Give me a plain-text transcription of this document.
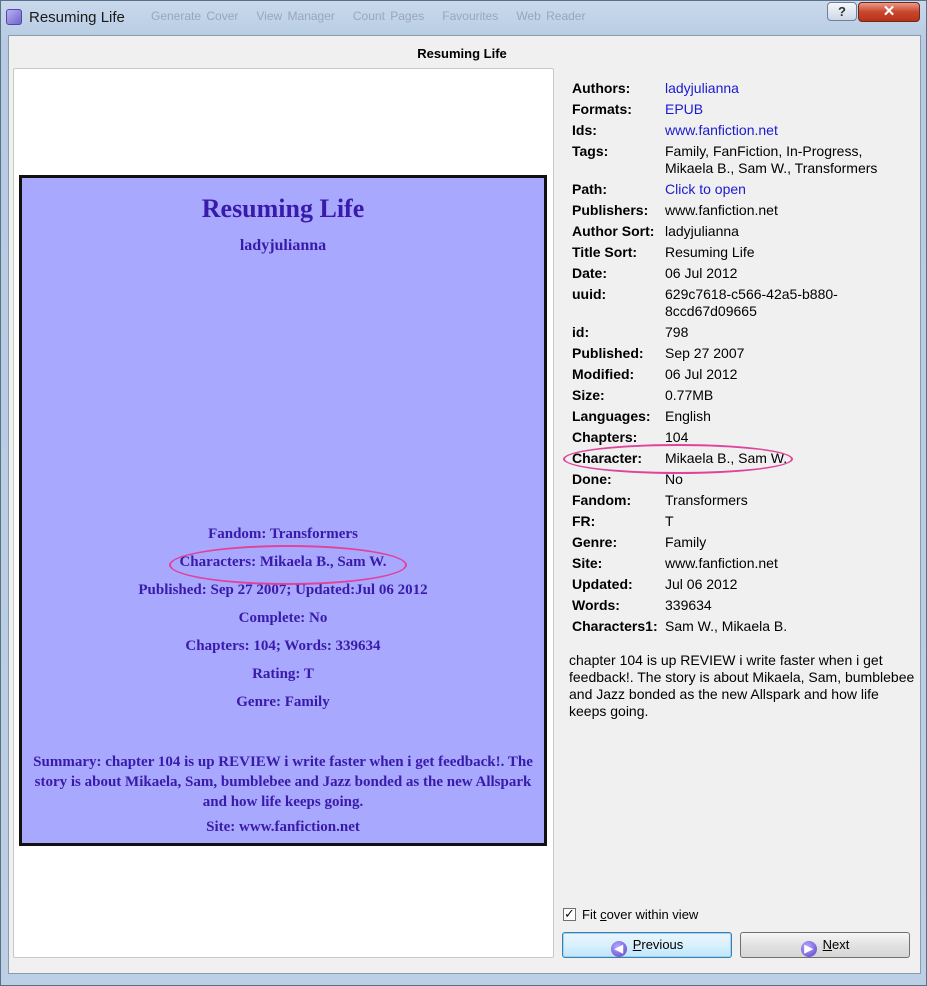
Resuming Life Generate Cover View Manager Count Pages Favourites Web Reader	?	✕
Resuming Life
Resuming Life
ladyjulianna
Fandom: Transformers
Characters: Mikaela B., Sam W.
Published: Sep 27 2007; Updated:Jul 06 2012
Complete: No
Chapters: 104; Words: 339634
Rating: T
Genre: Family
Summary: chapter 104 is up REVIEW i write faster when i get feedback!. The story is about Mikaela, Sam, bumblebee and Jazz bonded as the new Allspark and how life keeps going.
Site: www.fanfiction.net
Authors: ladyjulianna
Formats: EPUB
Ids:	www.fanfiction.net
Tags:	Family, FanFiction, In-Progress, Mikaela B., Sam W., Transformers
Path:	Click to open
Publishers: www.fanfiction.net
Author Sort: ladyjulianna
Title Sort: Resuming Life
Date:	06 Jul 2012
uuid:	629c7618-c566-42a5-b880-8ccd67d09665
id:	798
Published: Sep 27 2007
Modified: 06 Jul 2012
Size:	0.77MB
Languages: English
Chapters: 104
Character: Mikaela B., Sam W.
Done:	No
Fandom: Transformers
FR:	T
Genre:	Family
Site:	www.fanfiction.net
Updated: Jul 06 2012
Words:	339634
Characters1: Sam W., Mikaela B.
chapter 104 is up REVIEW i write faster when i get feedback!. The story is about Mikaela, Sam, bumblebee and Jazz bonded as the new Allspark and how life keeps going.
✓Fit cover within view
◀ Previous	▶ Next
